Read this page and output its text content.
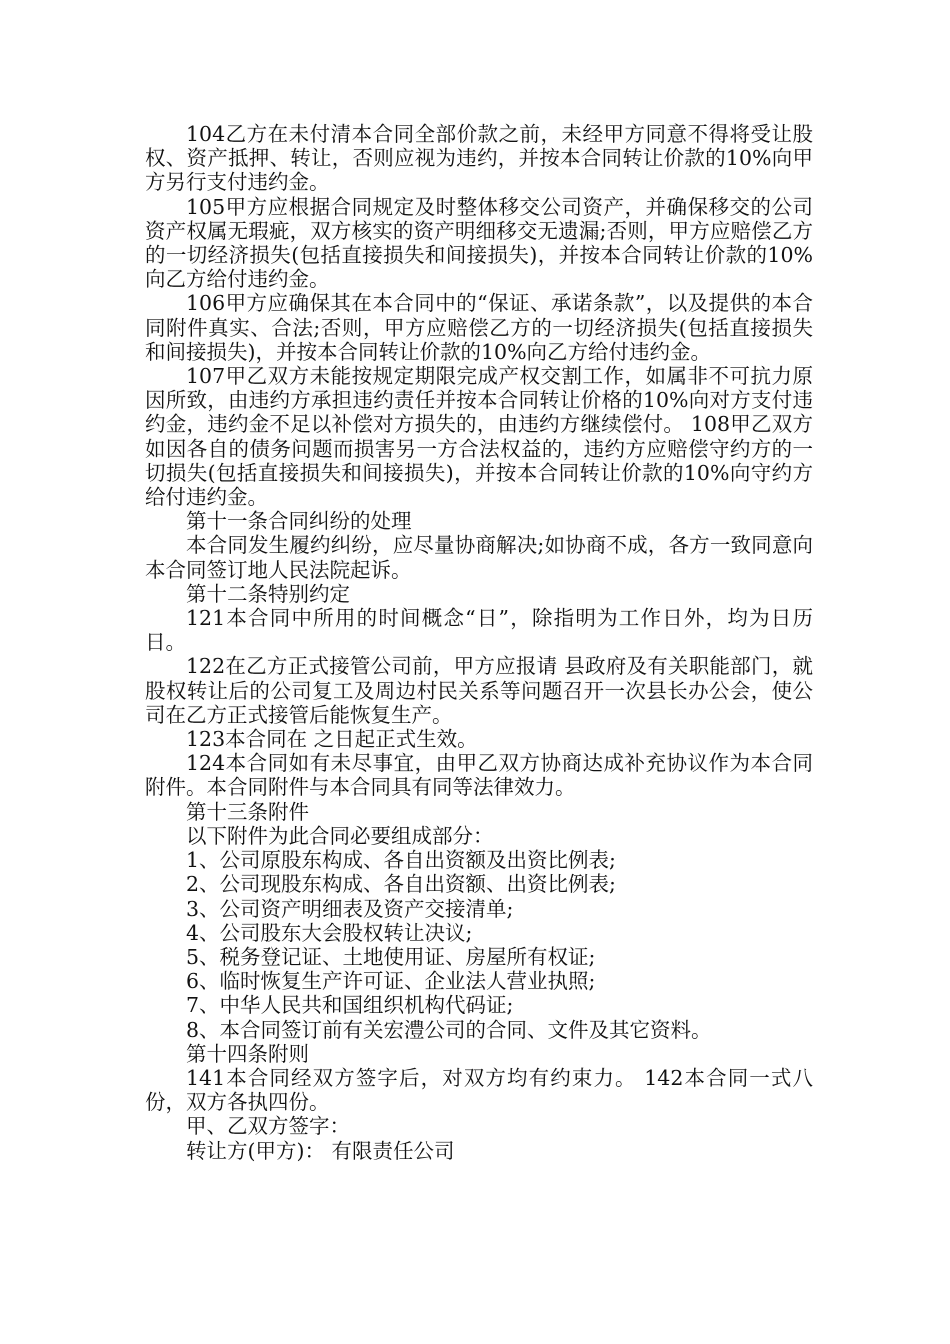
104乙方在未付清本合同全部价款之前，未经甲方同意不得将受让股权、资产抵押、转让，否则应视为违约，并按本合同转让价款的10%向甲方另行支付违约金。

105甲方应根据合同规定及时整体移交公司资产，并确保移交的公司资产权属无瑕疵，双方核实的资产明细移交无遗漏;否则，甲方应赔偿乙方的一切经济损失(包括直接损失和间接损失)，并按本合同转让价款的10%向乙方给付违约金。

106甲方应确保其在本合同中的“保证、承诺条款”，以及提供的本合同附件真实、合法;否则，甲方应赔偿乙方的一切经济损失(包括直接损失和间接损失)，并按本合同转让价款的10%向乙方给付违约金。

107甲乙双方未能按规定期限完成产权交割工作，如属非不可抗力原因所致，由违约方承担违约责任并按本合同转让价格的10%向对方支付违约金，违约金不足以补偿对方损失的，由违约方继续偿付。 108甲乙双方如因各自的债务问题而损害另一方合法权益的，违约方应赔偿守约方的一切损失(包括直接损失和间接损失)，并按本合同转让价款的10%向守约方给付违约金。

第十一条合同纠纷的处理

本合同发生履约纠纷，应尽量协商解决;如协商不成，各方一致同意向本合同签订地人民法院起诉。

第十二条特别约定

121本合同中所用的时间概念“日”，除指明为工作日外，均为日历日。

122在乙方正式接管公司前，甲方应报请 县政府及有关职能部门，就股权转让后的公司复工及周边村民关系等问题召开一次县长办公会，使公司在乙方正式接管后能恢复生产。

123本合同在 之日起正式生效。

124本合同如有未尽事宜，由甲乙双方协商达成补充协议作为本合同附件。本合同附件与本合同具有同等法律效力。

第十三条附件

以下附件为此合同必要组成部分：

1、公司原股东构成、各自出资额及出资比例表;

2、公司现股东构成、各自出资额、出资比例表;

3、公司资产明细表及资产交接清单;

4、公司股东大会股权转让决议;

5、税务登记证、土地使用证、房屋所有权证;

6、临时恢复生产许可证、企业法人营业执照;

7、中华人民共和国组织机构代码证;

8、本合同签订前有关宏澧公司的合同、文件及其它资料。

第十四条附则

141本合同经双方签字后，对双方均有约束力。 142本合同一式八份，双方各执四份。

甲、乙双方签字：

转让方(甲方)： 有限责任公司
